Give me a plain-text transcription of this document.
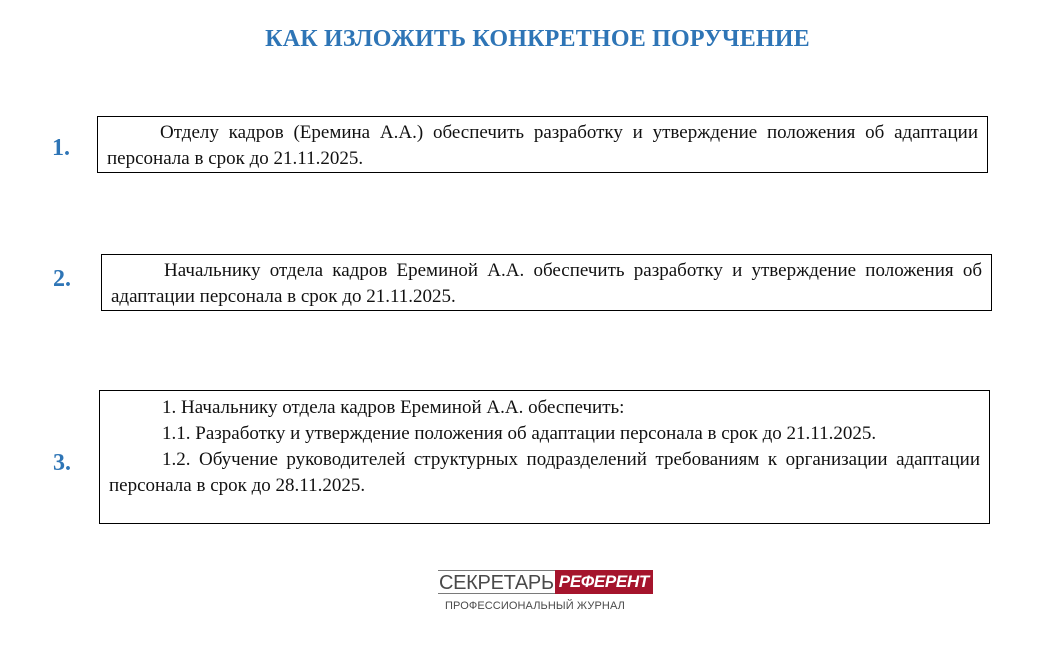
КАК ИЗЛОЖИТЬ КОНКРЕТНОЕ ПОРУЧЕНИЕ
1.

Отделу кадров (Еремина А.А.) обеспечить разработку и утверждение положения об адаптации персонала в срок до 21.11.2025.

2.	Начальнику отдела кадров Ереминой А.А. обеспечить разработку и утверждение положения об адаптации персонала в срок до 21.11.2025.

3.

1. Начальнику отдела кадров Ереминой А.А. обеспечить:

1.1. Разработку и утверждение положения об адаптации персонала в срок до 21.11.2025.

1.2. Обучение руководителей структурных подразделений требованиям к организации адаптации персонала в срок до 28.11.2025.

СЕКРЕТАРЬ РЕФЕРЕНТ
ПРОФЕССИОНАЛЬНЫЙ ЖУРНАЛ
